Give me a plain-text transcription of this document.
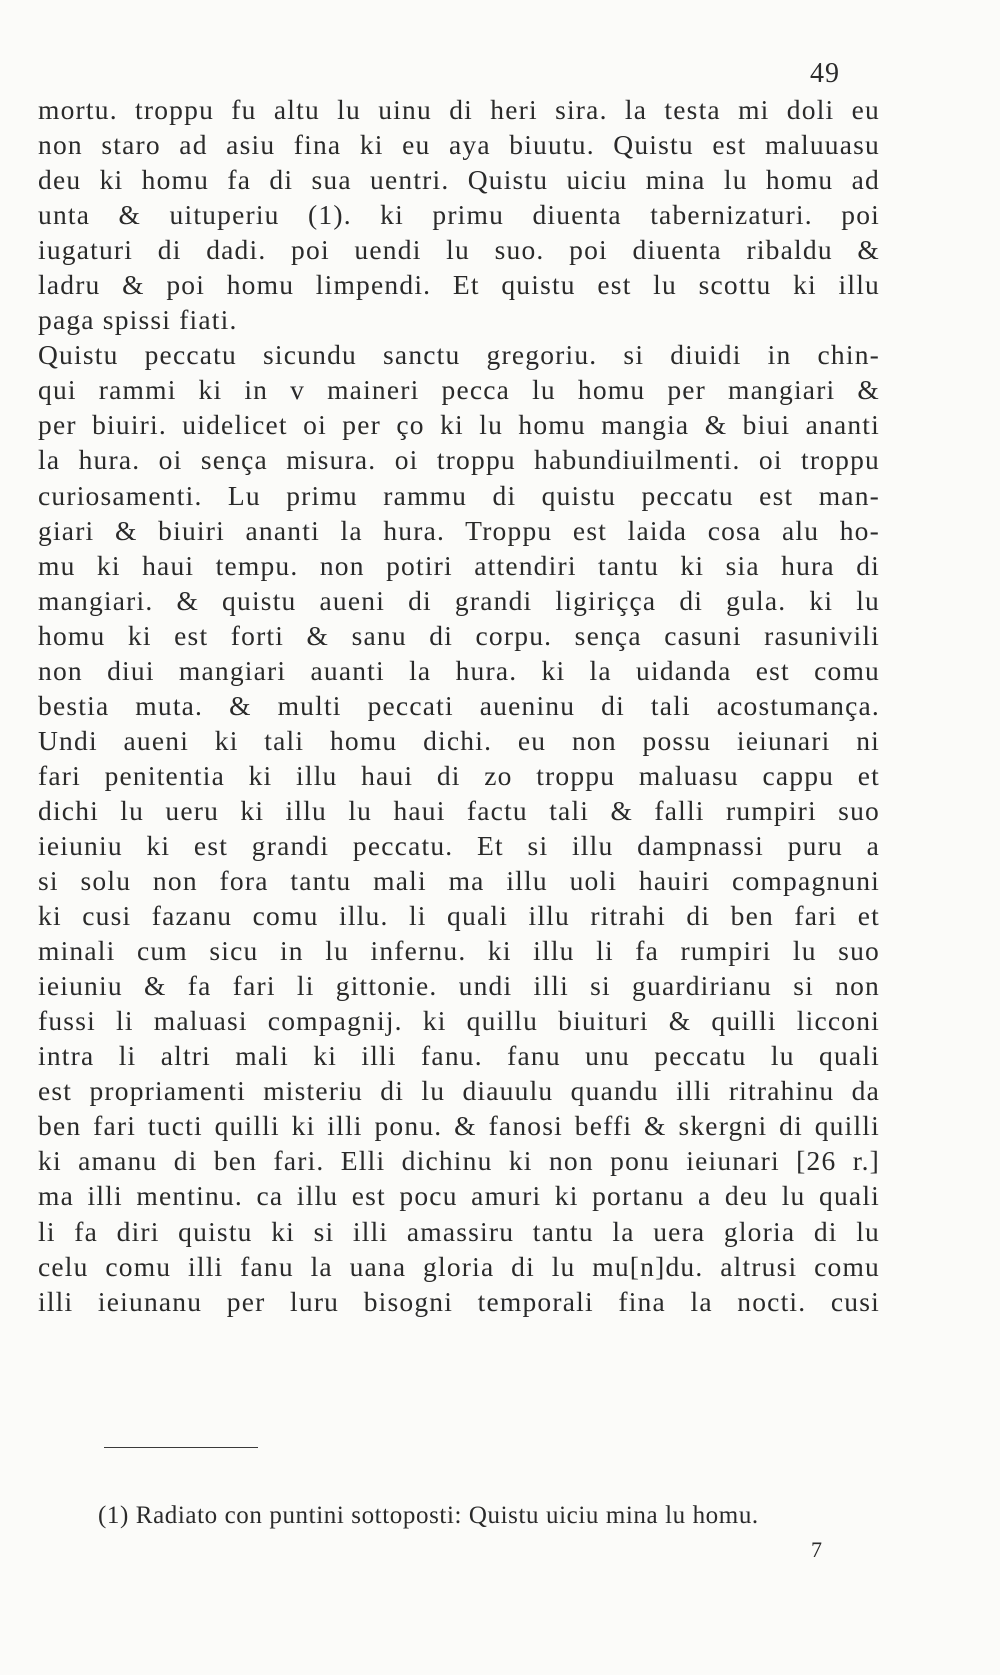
49
mortu. troppu fu altu lu uinu di heri sira. la testa mi doli eu
non staro ad asiu fina ki eu aya biuutu. Quistu est maluuasu
deu ki homu fa di sua uentri. Quistu uiciu mina lu homu ad
unta & uituperiu (1). ki primu diuenta tabernizaturi. poi
iugaturi di dadi. poi uendi lu suo. poi diuenta ribaldu &
ladru & poi homu limpendi. Et quistu est lu scottu ki illu
paga spissi fiati.
Quistu peccatu sicundu sanctu gregoriu. si diuidi in chin-
qui rammi ki in v maineri pecca lu homu per mangiari &
per biuiri. uidelicet oi per ço ki lu homu mangia & biui ananti
la hura. oi sença misura. oi troppu habundiuilmenti. oi troppu
curiosamenti. Lu primu rammu di quistu peccatu est man-
giari & biuiri ananti la hura. Troppu est laida cosa alu ho-
mu ki haui tempu. non potiri attendiri tantu ki sia hura di
mangiari. & quistu aueni di grandi ligiriçça di gula. ki lu
homu ki est forti & sanu di corpu. sença casuni rasunivili
non diui mangiari auanti la hura. ki la uidanda est comu
bestia muta. & multi peccati aueninu di tali acostumança.
Undi aueni ki tali homu dichi. eu non possu ieiunari ni
fari penitentia ki illu haui di zo troppu maluasu cappu et
dichi lu ueru ki illu lu haui factu tali & falli rumpiri suo
ieiuniu ki est grandi peccatu. Et si illu dampnassi puru a
si solu non fora tantu mali ma illu uoli hauiri compagnuni
ki cusi fazanu comu illu. li quali illu ritrahi di ben fari et
minali cum sicu in lu infernu. ki illu li fa rumpiri lu suo
ieiuniu & fa fari li gittonie. undi illi si guardirianu si non
fussi li maluasi compagnij. ki quillu biuituri & quilli licconi
intra li altri mali ki illi fanu. fanu unu peccatu lu quali
est propriamenti misteriu di lu diauulu quandu illi ritrahinu da
ben fari tucti quilli ki illi ponu. & fanosi beffi & skergni di quilli
ki amanu di ben fari. Elli dichinu ki non ponu ieiunari [26 r.]
ma illi mentinu. ca illu est pocu amuri ki portanu a deu lu quali
li fa diri quistu ki si illi amassiru tantu la uera gloria di lu
celu comu illi fanu la uana gloria di lu mu[n]du. altrusi comu
illi ieiunanu per luru bisogni temporali fina la nocti. cusi
(1) Radiato con puntini sottoposti: Quistu uiciu mina lu homu.
7
